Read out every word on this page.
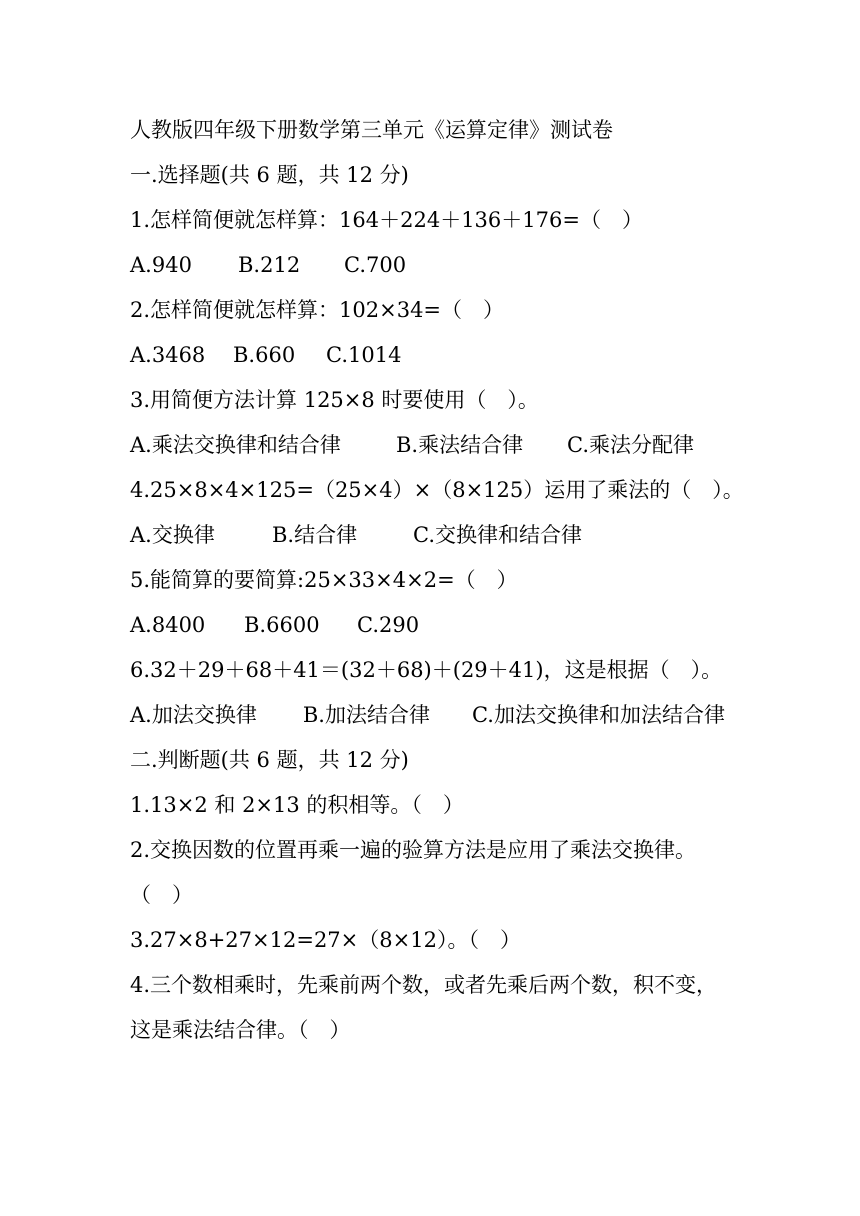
人教版四年级下册数学第三单元《运算定律》测试卷
一.选择题(共 6 题，共 12 分)
1.怎样简便就怎样算：164＋224＋136＋176=（　）
A.940	B.212	C.700
2.怎样简便就怎样算：102×34=（　）
A.3468	B.660	C.1014
3.用简便方法计算 125×8 时要使用（　）。
A.乘法交换律和结合律	B.乘法结合律	C.乘法分配律
4.25×8×4×125=（25×4）×（8×125）运用了乘法的（　）。
A.交换律	B.结合律	C.交换律和结合律
5.能简算的要简算:25×33×4×2=（　）
A.8400	B.6600	C.290
6.32＋29＋68＋41＝(32＋68)＋(29＋41)，这是根据（　）。
A.加法交换律 B.加法结合律 C.加法交换律和加法结合律
二.判断题(共 6 题，共 12 分)
1.13×2 和 2×13 的积相等。（　）
2.交换因数的位置再乘一遍的验算方法是应用了乘法交换律。（　）
3.27×8+27×12=27×（8×12）。（　）
4.三个数相乘时，先乘前两个数，或者先乘后两个数，积不变，这是乘法结合律。（　）
